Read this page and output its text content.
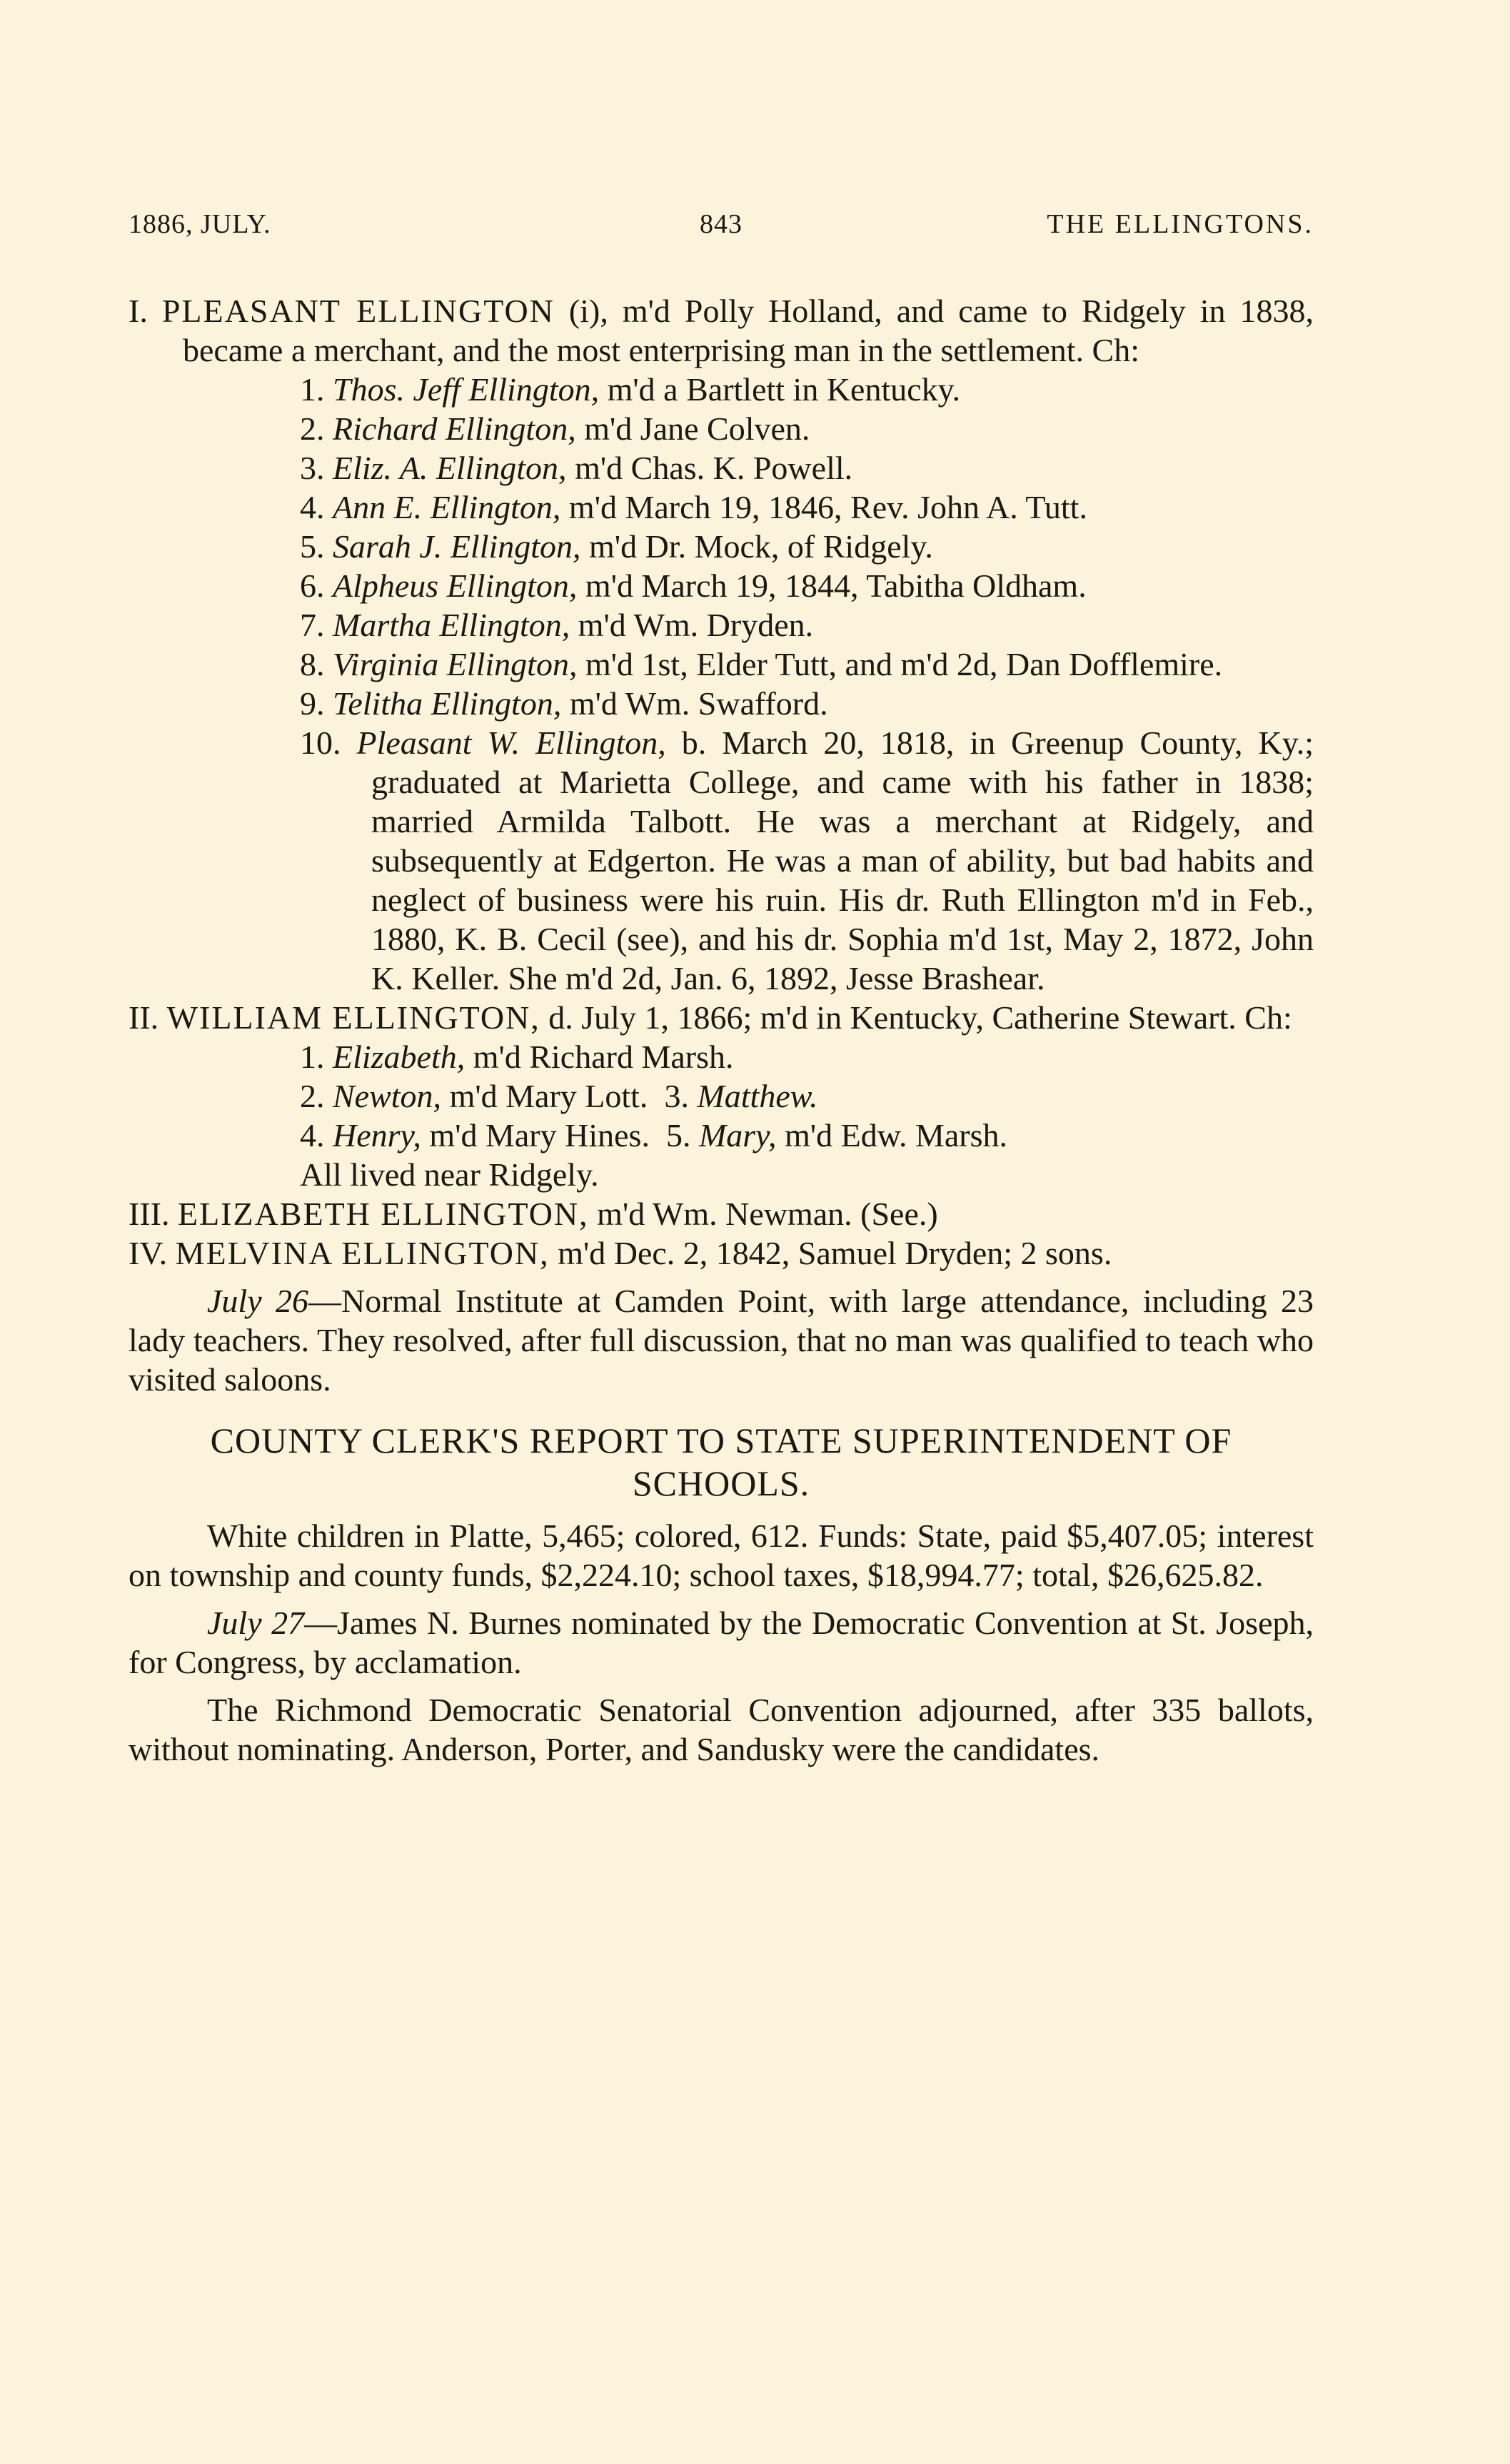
1886, JULY.	843	THE ELLINGTONS.

I. PLEASANT ELLINGTON (i), m'd Polly Holland, and came to Ridgely in 1838, became a merchant, and the most enterprising man in the settlement. Ch:

1. Thos. Jeff Ellington, m'd a Bartlett in Kentucky.

2. Richard Ellington, m'd Jane Colven.

3. Eliz. A. Ellington, m'd Chas. K. Powell.

4. Ann E. Ellington, m'd March 19, 1846, Rev. John A. Tutt.

5. Sarah J. Ellington, m'd Dr. Mock, of Ridgely.

6. Alpheus Ellington, m'd March 19, 1844, Tabitha Oldham.

7. Martha Ellington, m'd Wm. Dryden.

8. Virginia Ellington, m'd 1st, Elder Tutt, and m'd 2d, Dan Dofflemire.

9. Telitha Ellington, m'd Wm. Swafford.

10. Pleasant W. Ellington, b. March 20, 1818, in Greenup County, Ky.; graduated at Marietta College, and came with his father in 1838; married Armilda Talbott. He was a merchant at Ridgely, and subsequently at Edgerton. He was a man of ability, but bad habits and neglect of business were his ruin. His dr. Ruth Ellington m'd in Feb., 1880, K. B. Cecil (see), and his dr. Sophia m'd 1st, May 2, 1872, John K. Keller. She m'd 2d, Jan. 6, 1892, Jesse Brashear.

II. WILLIAM ELLINGTON, d. July 1, 1866; m'd in Kentucky, Catherine Stewart. Ch:

1. Elizabeth, m'd Richard Marsh.

2. Newton, m'd Mary Lott. 3. Matthew.

4. Henry, m'd Mary Hines. 5. Mary, m'd Edw. Marsh.

All lived near Ridgely.

III. ELIZABETH ELLINGTON, m'd Wm. Newman. (See.)

IV. MELVINA ELLINGTON, m'd Dec. 2, 1842, Samuel Dryden; 2 sons.

July 26—Normal Institute at Camden Point, with large attendance, including 23 lady teachers. They resolved, after full discussion, that no man was qualified to teach who visited saloons.

COUNTY CLERK'S REPORT TO STATE SUPERINTENDENT OF SCHOOLS.

White children in Platte, 5,465; colored, 612. Funds: State, paid $5,407.05; interest on township and county funds, $2,224.10; school taxes, $18,994.77; total, $26,625.82.

July 27—James N. Burnes nominated by the Democratic Convention at St. Joseph, for Congress, by acclamation.

The Richmond Democratic Senatorial Convention adjourned, after 335 ballots, without nominating. Anderson, Porter, and Sandusky were the candidates.
